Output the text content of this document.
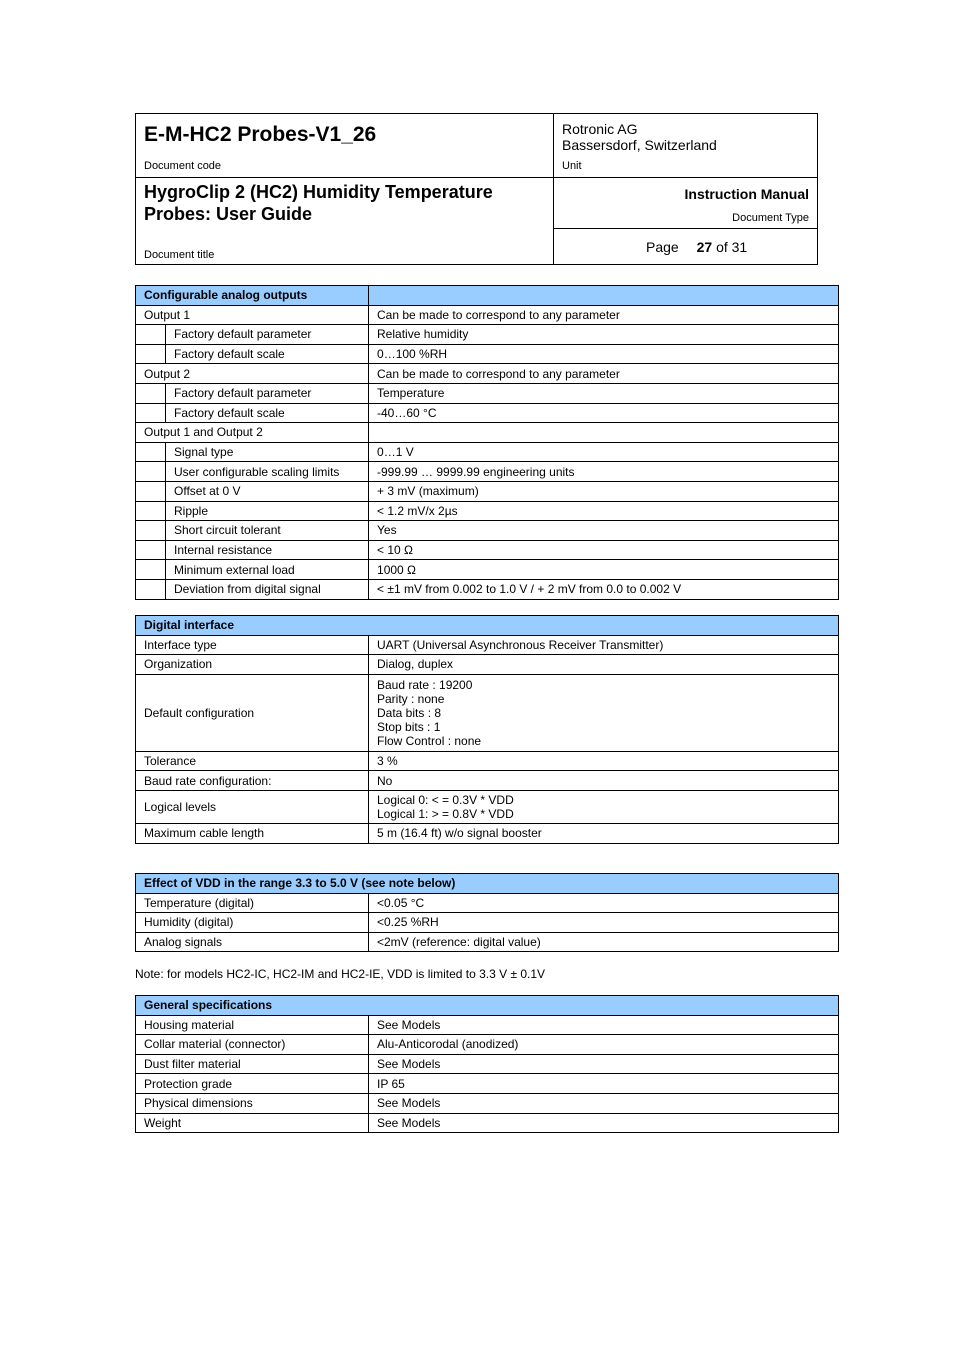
E-M-HC2 Probes-V1_26
Document code
Rotronic AG
Bassersdorf, Switzerland
Unit
HygroClip 2 (HC2) Humidity Temperature
Probes: User Guide
Document title
Instruction Manual
Document Type
Page 27 of 31
Configurable analog outputs		
Output 1		Can be made to correspond to any parameter
	Factory default parameter	Relative humidity
	Factory default scale	0…100 %RH
Output 2		Can be made to correspond to any parameter
	Factory default parameter	Temperature
	Factory default scale	-40…60 °C
Output 1 and Output 2		
	Signal type	0…1 V
	User configurable scaling limits	-999.99 … 9999.99 engineering units
	Offset at 0 V	+ 3 mV (maximum)
	Ripple	< 1.2 mV/x 2µs
	Short circuit tolerant	Yes
	Internal resistance	< 10 Ω
	Minimum external load	1000 Ω
	Deviation from digital signal	< ±1 mV from 0.002 to 1.0 V / + 2 mV from 0.0 to 0.002 V
Digital interface	
Interface type	UART (Universal Asynchronous Receiver Transmitter)
Organization	Dialog, duplex
Default configuration	Baud rate : 19200
Parity : none
Data bits : 8
Stop bits : 1
Flow Control : none

Tolerance	3 %
Baud rate configuration:	No
Logical levels	Logical 0: < = 0.3V * VDD
Logical 1: > = 0.8V * VDD

Maximum cable length	5 m (16.4 ft) w/o signal booster
Effect of VDD in the range 3.3 to 5.0 V (see note below)	
Temperature (digital)	<0.05 °C
Humidity (digital)	<0.25 %RH
Analog signals	<2mV (reference: digital value)
Note: for models HC2-IC, HC2-IM and HC2-IE, VDD is limited to 3.3 V ± 0.1V
General specifications	
Housing material	See Models
Collar material (connector)	Alu-Anticorodal (anodized)
Dust filter material	See Models
Protection grade	IP 65
Physical dimensions	See Models
Weight	See Models
